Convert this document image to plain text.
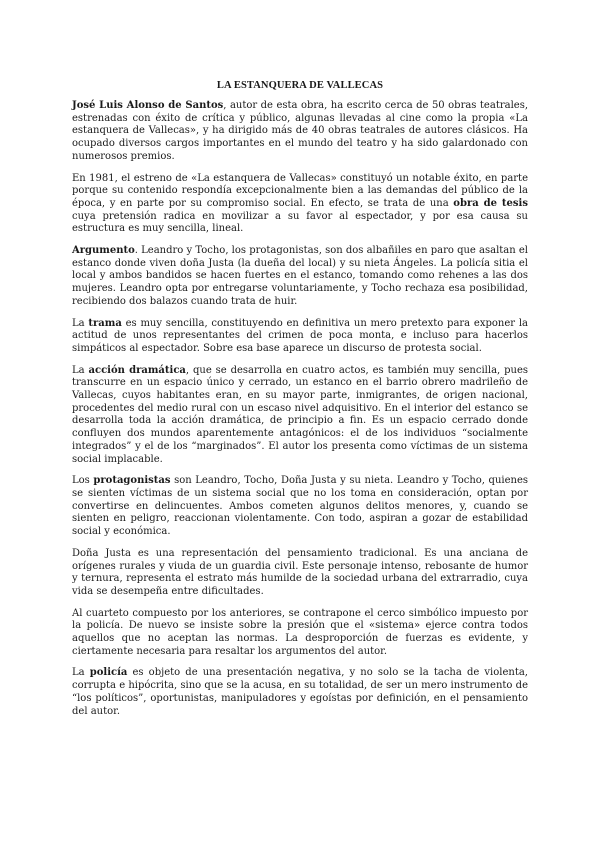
LA ESTANQUERA DE VALLECAS

José Luis Alonso de Santos, autor de esta obra, ha escrito cerca de 50 obras teatrales, estrenadas con éxito de crítica y público, algunas llevadas al cine como la propia «La estanquera de Vallecas», y ha dirigido más de 40 obras teatrales de autores clásicos. Ha ocupado diversos cargos importantes en el mundo del teatro y ha sido galardonado con numerosos premios.

En 1981, el estreno de «La estanquera de Vallecas» constituyó un notable éxito, en parte porque su contenido respondía excepcionalmente bien a las demandas del público de la época, y en parte por su compromiso social. En efecto, se trata de una obra de tesis cuya pretensión radica en movilizar a su favor al espectador, y por esa causa su estructura es muy sencilla, lineal.

Argumento. Leandro y Tocho, los protagonistas, son dos albañiles en paro que asaltan el estanco donde viven doña Justa (la dueña del local) y su nieta Ángeles. La policía sitia el local y ambos bandidos se hacen fuertes en el estanco, tomando como rehenes a las dos mujeres. Leandro opta por entregarse voluntariamente, y Tocho rechaza esa posibilidad, recibiendo dos balazos cuando trata de huir.

La trama es muy sencilla, constituyendo en definitiva un mero pretexto para exponer la actitud de unos representantes del crimen de poca monta, e incluso para hacerlos simpáticos al espectador. Sobre esa base aparece un discurso de protesta social.

La acción dramática, que se desarrolla en cuatro actos, es también muy sencilla, pues transcurre en un espacio único y cerrado, un estanco en el barrio obrero madrileño de Vallecas, cuyos habitantes eran, en su mayor parte, inmigrantes, de origen nacional, procedentes del medio rural con un escaso nivel adquisitivo. En el interior del estanco se desarrolla toda la acción dramática, de principio a fin. Es un espacio cerrado donde confluyen dos mundos aparentemente antagónicos: el de los individuos “socialmente integrados” y el de los “marginados”. El autor los presenta como víctimas de un sistema social implacable.

Los protagonistas son Leandro, Tocho, Doña Justa y su nieta. Leandro y Tocho, quienes se sienten víctimas de un sistema social que no los toma en consideración, optan por convertirse en delincuentes. Ambos cometen algunos delitos menores, y, cuando se sienten en peligro, reaccionan violentamente. Con todo, aspiran a gozar de estabilidad social y económica.

Doña Justa es una representación del pensamiento tradicional. Es una anciana de orígenes rurales y viuda de un guardia civil. Este personaje intenso, rebosante de humor y ternura, representa el estrato más humilde de la sociedad urbana del extrarradio, cuya vida se desempeña entre dificultades.

Al cuarteto compuesto por los anteriores, se contrapone el cerco simbólico impuesto por la policía. De nuevo se insiste sobre la presión que el «sistema» ejerce contra todos aquellos que no aceptan las normas. La desproporción de fuerzas es evidente, y ciertamente necesaria para resaltar los argumentos del autor.

La policía es objeto de una presentación negativa, y no solo se la tacha de violenta, corrupta e hipócrita, sino que se la acusa, en su totalidad, de ser un mero instrumento de “los políticos”, oportunistas, manipuladores y egoístas por definición, en el pensamiento del autor.
